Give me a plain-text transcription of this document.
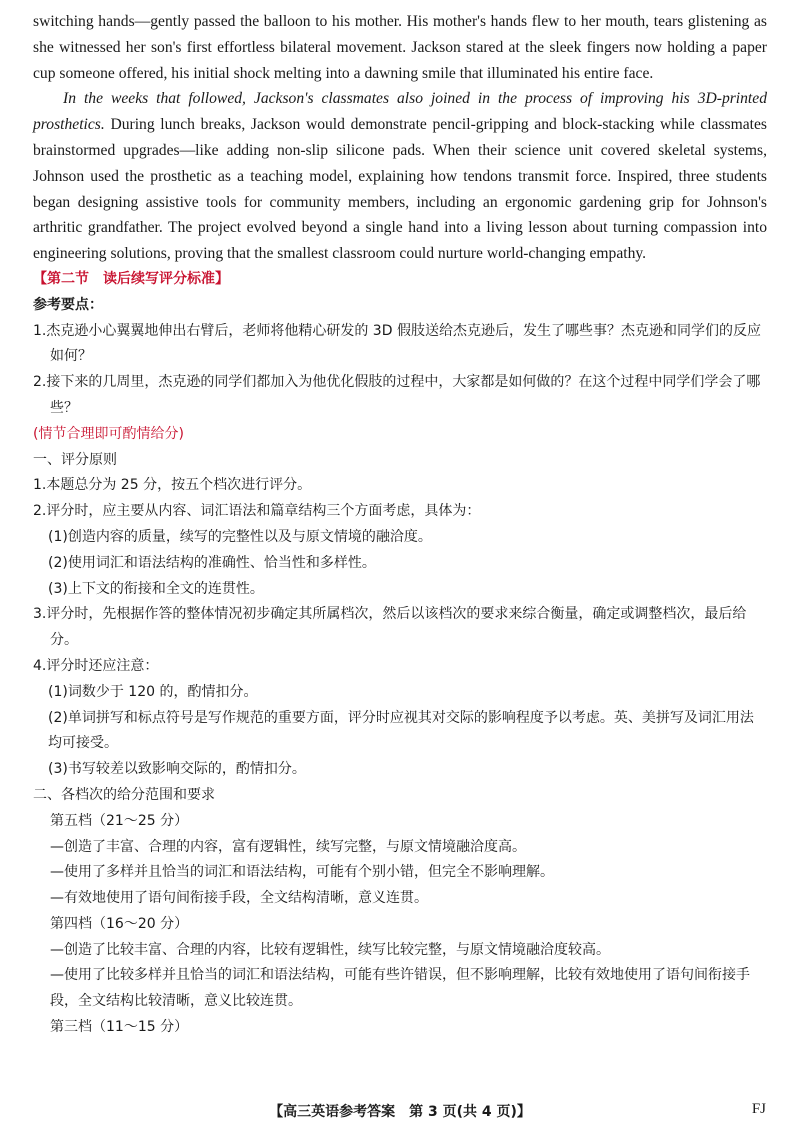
switching hands—gently passed the balloon to his mother. His mother's hands flew to her mouth, tears glistening as she witnessed her son's first effortless bilateral movement. Jackson stared at the sleek fingers now holding a paper cup someone offered, his initial shock melting into a dawning smile that illuminated his entire face.

In the weeks that followed, Jackson's classmates also joined in the process of improving his 3D-printed prosthetics. During lunch breaks, Jackson would demonstrate pencil-gripping and block-stacking while classmates brainstormed upgrades—like adding non-slip silicone pads. When their science unit covered skeletal systems, Johnson used the prosthetic as a teaching model, explaining how tendons transmit force. Inspired, three students began designing assistive tools for community members, including an ergonomic gardening grip for Johnson's arthritic grandfather. The project evolved beyond a single hand into a living lesson about turning compassion into engineering solutions, proving that the smallest classroom could nurture world-changing empathy.

【第二节　读后续写评分标准】

参考要点：

1.杰克逊小心翼翼地伸出右臂后，老师将他精心研发的 3D 假肢送给杰克逊后，发生了哪些事？杰克逊和同学们的反应如何？

2.接下来的几周里，杰克逊的同学们都加入为他优化假肢的过程中，大家都是如何做的？在这个过程中同学们学会了哪些？

(情节合理即可酌情给分)

一、评分原则

1.本题总分为 25 分，按五个档次进行评分。

2.评分时，应主要从内容、词汇语法和篇章结构三个方面考虑，具体为：

(1)创造内容的质量，续写的完整性以及与原文情境的融洽度。

(2)使用词汇和语法结构的准确性、恰当性和多样性。

(3)上下文的衔接和全文的连贯性。

3.评分时，先根据作答的整体情况初步确定其所属档次，然后以该档次的要求来综合衡量，确定或调整档次，最后给分。

4.评分时还应注意：

(1)词数少于 120 的，酌情扣分。

(2)单词拼写和标点符号是写作规范的重要方面，评分时应视其对交际的影响程度予以考虑。英、美拼写及词汇用法均可接受。

(3)书写较差以致影响交际的，酌情扣分。

二、各档次的给分范围和要求

第五档（21～25 分）

—创造了丰富、合理的内容，富有逻辑性，续写完整，与原文情境融洽度高。

—使用了多样并且恰当的词汇和语法结构，可能有个别小错，但完全不影响理解。

—有效地使用了语句间衔接手段，全文结构清晰，意义连贯。

第四档（16～20 分）

—创造了比较丰富、合理的内容，比较有逻辑性，续写比较完整，与原文情境融洽度较高。

—使用了比较多样并且恰当的词汇和语法结构，可能有些许错误，但不影响理解，比较有效地使用了语句间衔接手段，全文结构比较清晰，意义比较连贯。

第三档（11～15 分）

【高三英语参考答案　第 3 页(共 4 页)】	FJ
